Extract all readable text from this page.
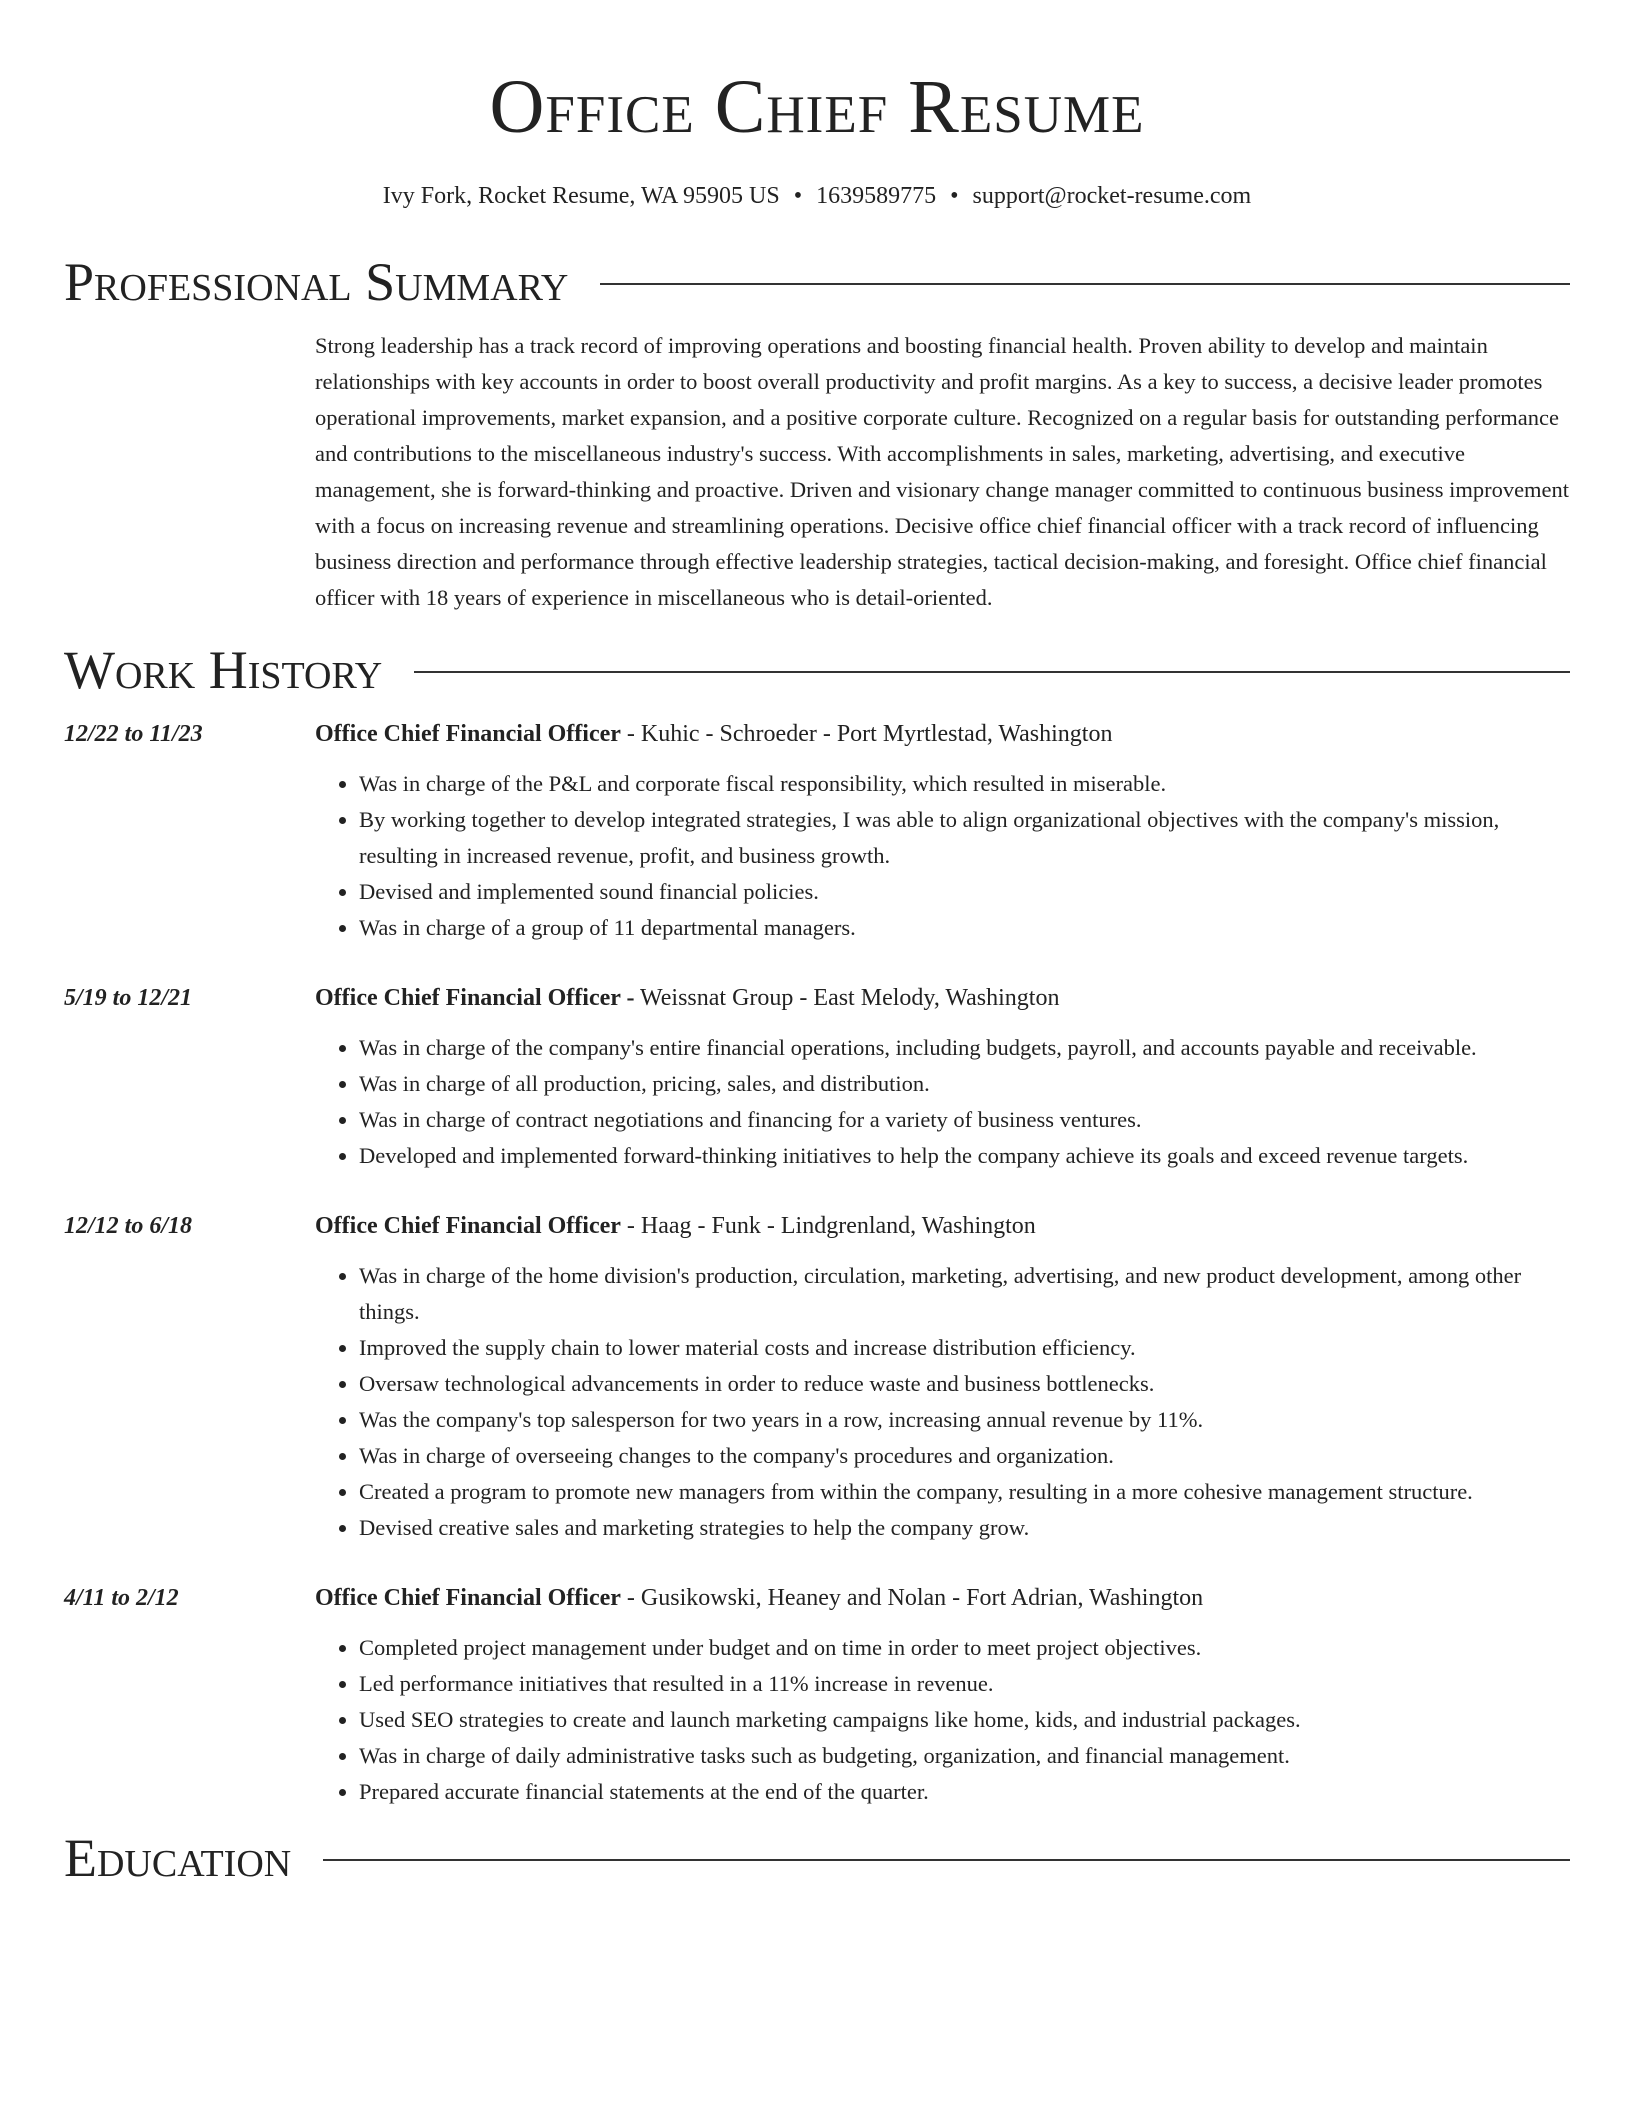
Office Chief Resume
Ivy Fork, Rocket Resume, WA 95905 US • 1639589775 • support@rocket-resume.com
Professional Summary
Strong leadership has a track record of improving operations and boosting financial health. Proven ability to develop and maintain relationships with key accounts in order to boost overall productivity and profit margins. As a key to success, a decisive leader promotes operational improvements, market expansion, and a positive corporate culture. Recognized on a regular basis for outstanding performance and contributions to the miscellaneous industry's success. With accomplishments in sales, marketing, advertising, and executive management, she is forward-thinking and proactive. Driven and visionary change manager committed to continuous business improvement with a focus on increasing revenue and streamlining operations. Decisive office chief financial officer with a track record of influencing business direction and performance through effective leadership strategies, tactical decision-making, and foresight. Office chief financial officer with 18 years of experience in miscellaneous who is detail-oriented.
Work History
12/22 to 11/23	Office Chief Financial Officer - Kuhic - Schroeder - Port Myrtlestad, Washington
• Was in charge of the P&L and corporate fiscal responsibility, which resulted in miserable.
• By working together to develop integrated strategies, I was able to align organizational objectives with the company's mission, resulting in increased revenue, profit, and business growth.
• Devised and implemented sound financial policies.
• Was in charge of a group of 11 departmental managers.
5/19 to 12/21	Office Chief Financial Officer - Weissnat Group - East Melody, Washington
• Was in charge of the company's entire financial operations, including budgets, payroll, and accounts payable and receivable.
• Was in charge of all production, pricing, sales, and distribution.
• Was in charge of contract negotiations and financing for a variety of business ventures.
• Developed and implemented forward-thinking initiatives to help the company achieve its goals and exceed revenue targets.
12/12 to 6/18	Office Chief Financial Officer - Haag - Funk - Lindgrenland, Washington
• Was in charge of the home division's production, circulation, marketing, advertising, and new product development, among other things.
• Improved the supply chain to lower material costs and increase distribution efficiency.
• Oversaw technological advancements in order to reduce waste and business bottlenecks.
• Was the company's top salesperson for two years in a row, increasing annual revenue by 11%.
• Was in charge of overseeing changes to the company's procedures and organization.
• Created a program to promote new managers from within the company, resulting in a more cohesive management structure.
• Devised creative sales and marketing strategies to help the company grow.
4/11 to 2/12	Office Chief Financial Officer - Gusikowski, Heaney and Nolan - Fort Adrian, Washington
• Completed project management under budget and on time in order to meet project objectives.
• Led performance initiatives that resulted in a 11% increase in revenue.
• Used SEO strategies to create and launch marketing campaigns like home, kids, and industrial packages.
• Was in charge of daily administrative tasks such as budgeting, organization, and financial management.
• Prepared accurate financial statements at the end of the quarter.
Education
